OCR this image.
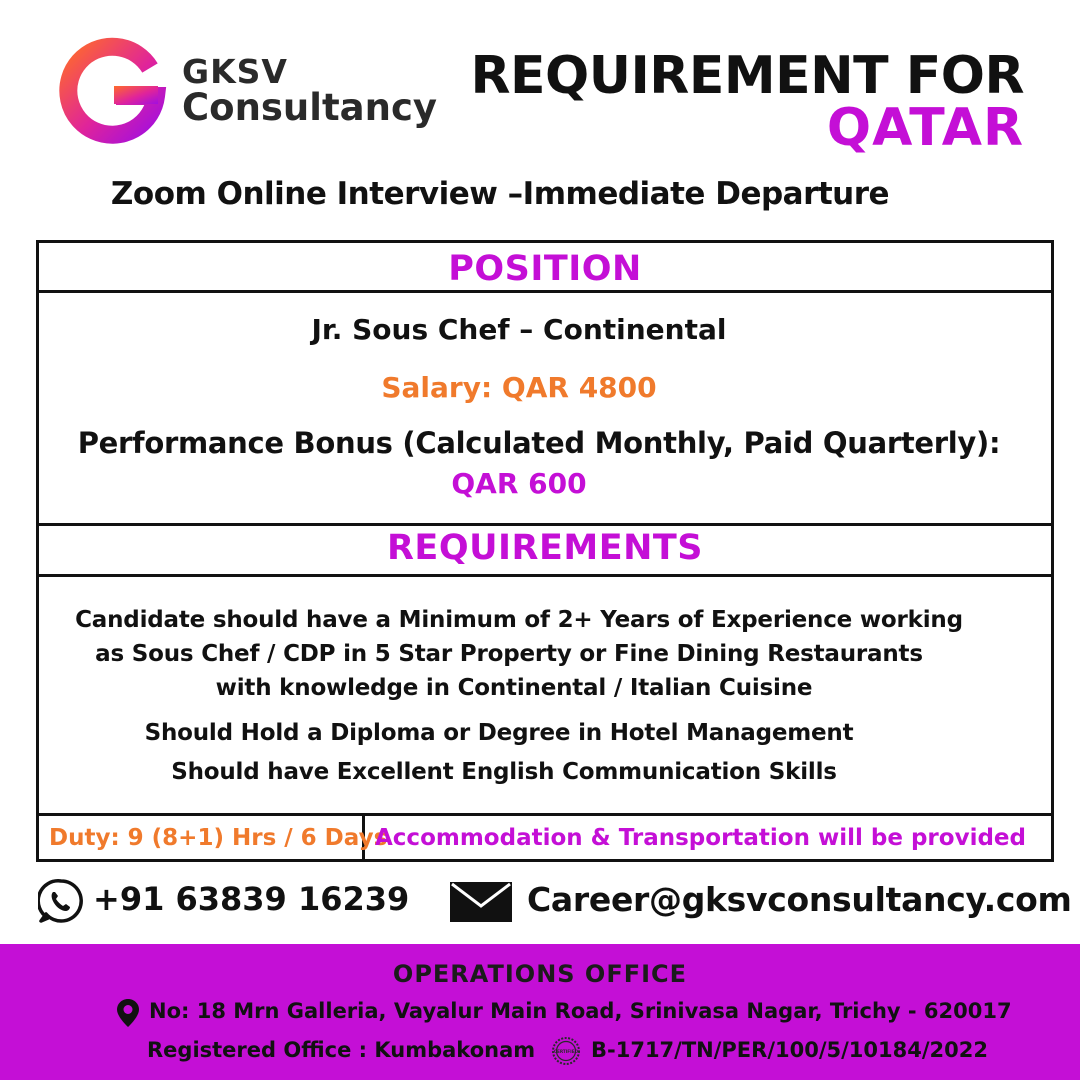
GKSV
Consultancy
REQUIREMENT FOR
QATAR
Zoom Online Interview –Immediate Departure
POSITION
Jr. Sous Chef – Continental
Salary: QAR 4800
Performance Bonus (Calculated Monthly, Paid Quarterly):
QAR 600
REQUIREMENTS
Candidate should have a Minimum of 2+ Years of Experience working
as Sous Chef / CDP in 5 Star Property or Fine Dining Restaurants
with knowledge in Continental / Italian Cuisine
Should Hold a Diploma or Degree in Hotel Management
Should have Excellent English Communication Skills
Duty: 9 (8+1) Hrs / 6 Days
Accommodation & Transportation will be provided
+91 63839 16239	Career@gksvconsultancy.com
OPERATIONS OFFICE
No: 18 Mrn Galleria, Vayalur Main Road, Srinivasa Nagar, Trichy - 620017
Registered Office : Kumbakonam	CERTIFIED B-1717/TN/PER/100/5/10184/2022
